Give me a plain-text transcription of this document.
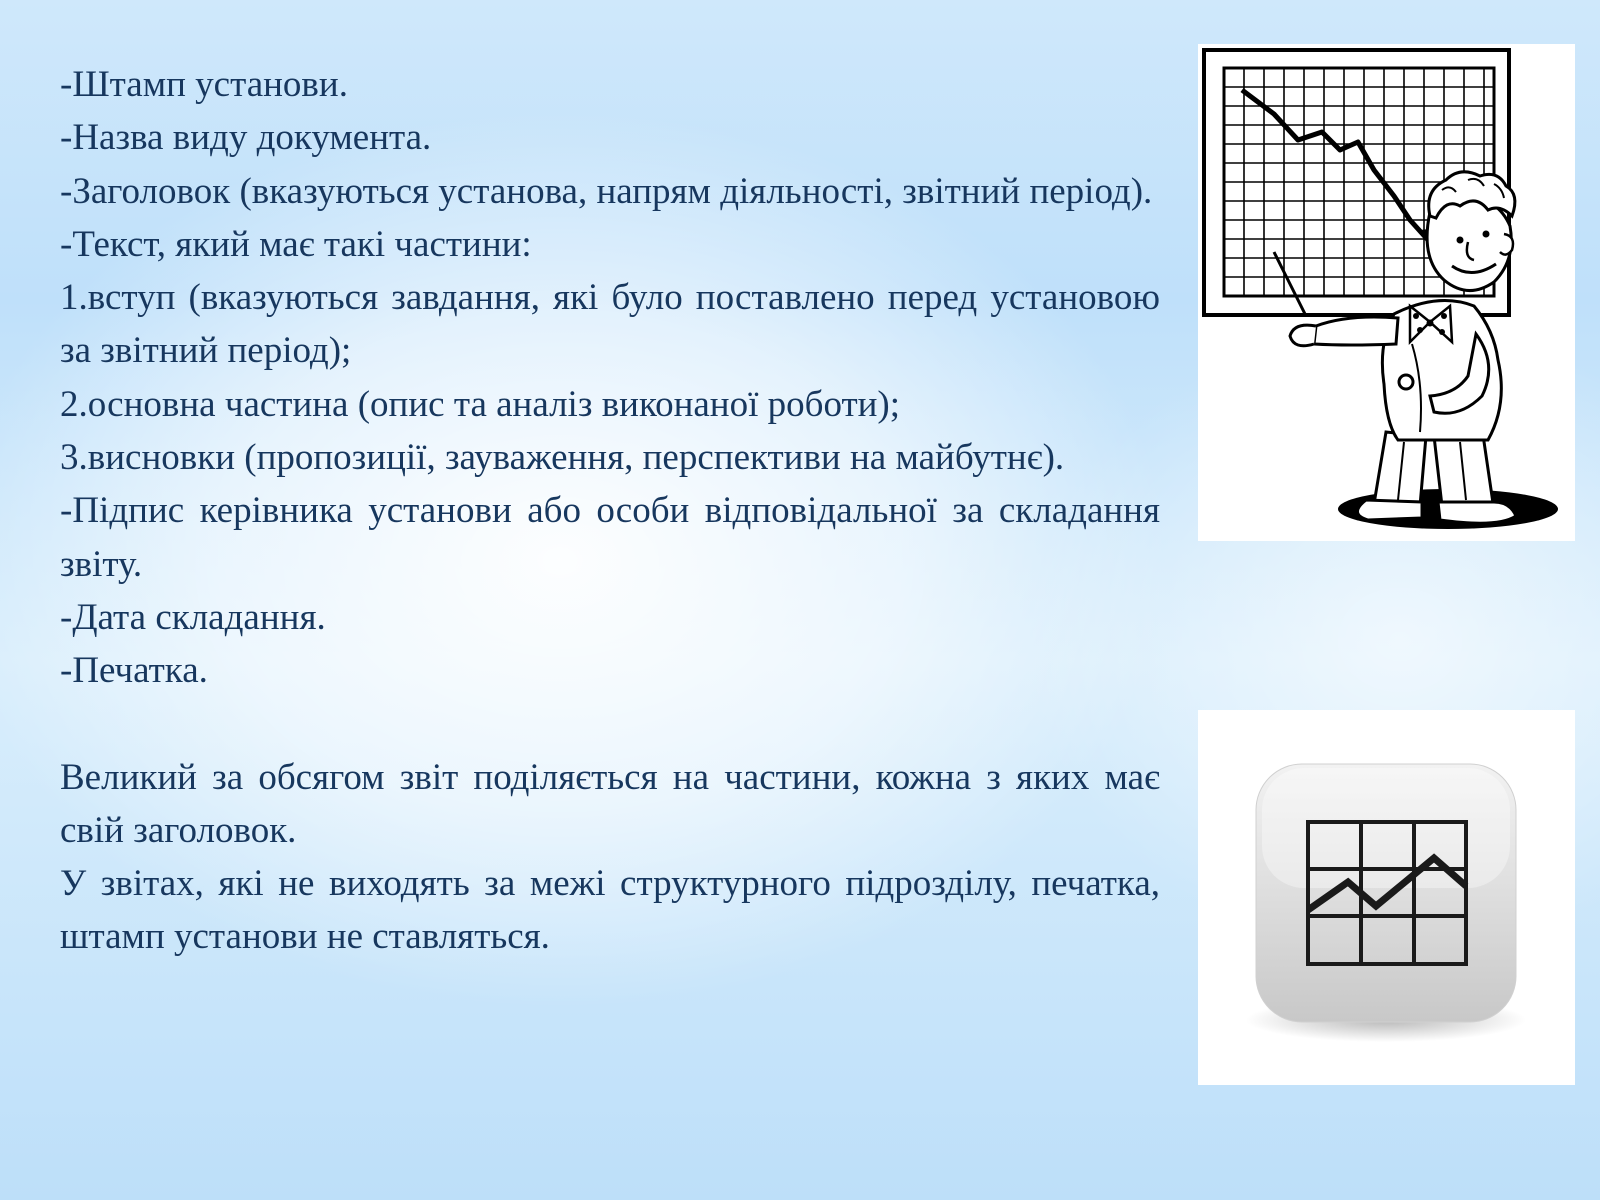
-Штамп установи.

-Назва виду документа.

-Заголовок (вказуються установа, напрям діяльності, звітний період).

-Текст, який має такі частини:

1.вступ (вказуються завдання, які було поставлено перед установою за звітний період);

2.основна частина (опис та аналіз виконаної роботи);

3.висновки (пропозиції, зауваження, перспективи на майбутнє).

-Підпис керівника установи або особи відповідальної за складання звіту.

-Дата складання.

-Печатка.

Великий за обсягом звіт поділяється на частини, кожна з яких має свій заголовок.

У звітах, які не виходять за межі структурного підрозділу, печатка, штамп установи не ставляться.
